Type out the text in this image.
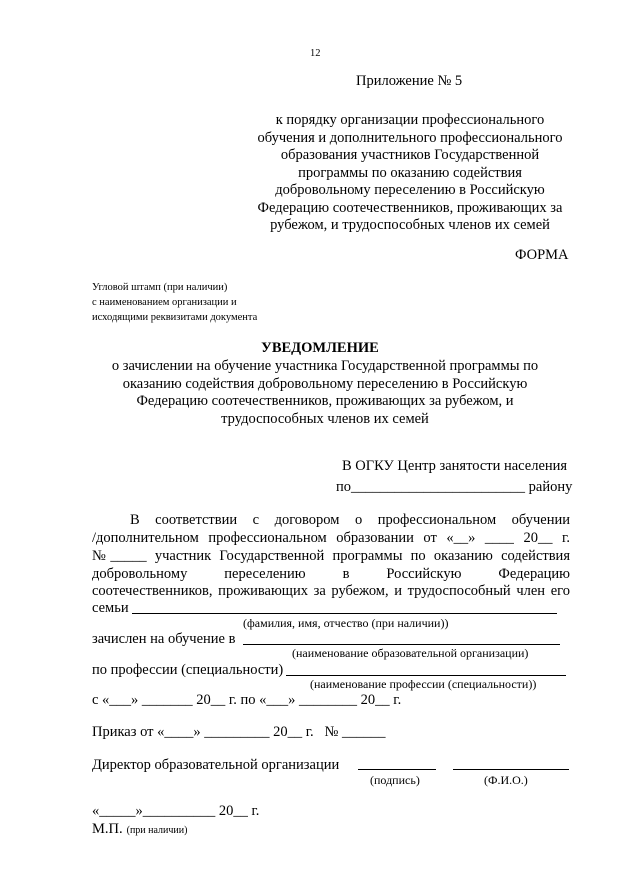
12
Приложение № 5
к порядку организации профессионального
обучения и дополнительного профессионального
образования участников Государственной
программы по оказанию содействия
добровольному переселению в Российскую
Федерацию соотечественников, проживающих за
рубежом, и трудоспособных членов их семей
ФОРМА
Угловой штамп (при наличии)
с наименованием организации и
исходящими реквизитами документа
УВЕДОМЛЕНИЕ
о зачислении на обучение участника Государственной программы по
оказанию содействия добровольному переселению в Российскую
Федерацию соотечественников, проживающих за рубежом, и
трудоспособных членов их семей
В ОГКУ Центр занятости населения
по________________________ району
В соответствии с договором о профессиональном обучении
/дополнительном профессиональном образовании от «__» ____ 20__ г.
№_____ участник Государственной программы по оказанию содействия
добровольному переселению в Российскую Федерацию
соотечественников, проживающих за рубежом, и трудоспособный член его
семьи
(фамилия, имя, отчество (при наличии))
зачислен на обучение в
(наименование образовательной организации)
по профессии (специальности)
(наименование профессии (специальности))
с «___» _______ 20__ г. по «___» ________ 20__ г.
Приказ от «____» _________ 20__ г.   № ______
Директор образовательной организации
(подпись)	(Ф.И.О.)
«_____»__________ 20__ г.
М.П. (при наличии)
